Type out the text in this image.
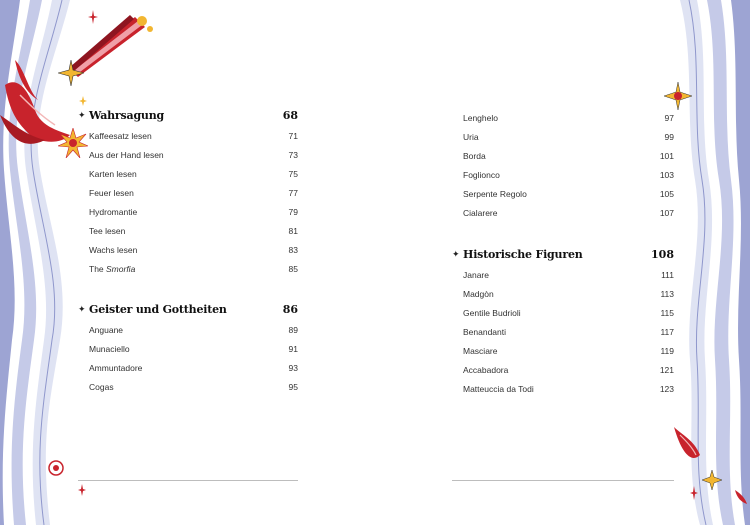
✦ Wahrsagung	68
Kaffeesatz lesen	71
Aus der Hand lesen	73
Karten lesen	75
Feuer lesen	77
Hydromantie	79
Tee lesen	81
Wachs lesen	83
The Smorfia	85
✦ Geister und Gottheiten	86
Anguane	89
Munaciello	91
Ammuntadore	93
Cogas	95
Lenghelo	97
Uria	99
Borda	101
Foglionco	103
Serpente Regolo	105
Cialarere	107
✦ Historische Figuren	108
Janare	111
Madgòn	113
Gentile Budrioli	115
Benandanti	117
Masciare	119
Accabadora	121
Matteuccia da Todi	123
